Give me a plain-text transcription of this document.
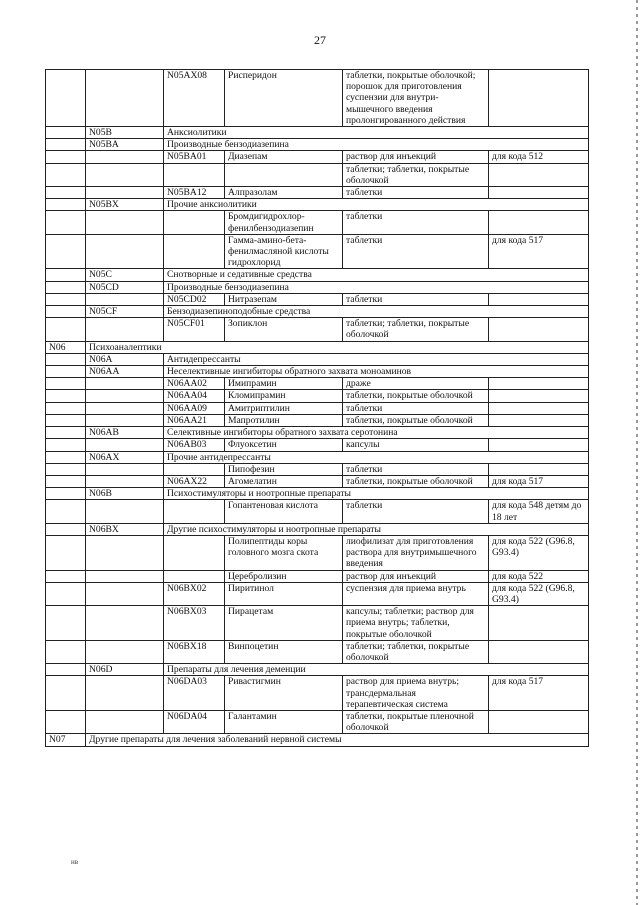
27
		N05AX08	Рисперидон	таблетки, покрытые оболочкой; порошок для приготовления суспензии для внутри- мышечного введения пролонгированного действия	
	N05B	Анксиолитики			
	N05BA	Производные бензодиазепина			
		N05BA01	Диазепам	раствор для инъекций	для кода 512
				таблетки; таблетки, покрытые оболочкой	
		N05BA12	Алпразолам	таблетки	
	N05BX	Прочие анксиолитики			
			Бромдигидрохлор- фенилбензодиазепин	таблетки	
			Гамма-амино-бета- фенилмасляной кислоты гидрохлорид	таблетки	для кода 517
	N05C	Снотворные и седативные средства			
	N05CD	Производные бензодиазепина			
		N05CD02	Нитразепам	таблетки	
	N05CF	Бензодиазепиноподобные средства			
		N05CF01	Зопиклон	таблетки; таблетки, покрытые оболочкой	
N06	Психоаналептики				
	N06A	Антидепрессанты			
	N06AA	Неселективные ингибиторы обратного захвата моноаминов			
		N06AA02	Имипрамин	драже	
		N06AA04	Кломипрамин	таблетки, покрытые оболочкой	
		N06AA09	Амитриптилин	таблетки	
		N06AA21	Мапротилин	таблетки, покрытые оболочкой	
	N06AB	Селективные ингибиторы обратного захвата серотонина			
		N06AB03	Флуоксетин	капсулы	
	N06AX	Прочие антидепрессанты			
			Пипофезин	таблетки	
		N06AX22	Агомелатин	таблетки, покрытые оболочкой	для кода 517
	N06B	Психостимуляторы и ноотропные препараты			
			Гопантеновая кислота	таблетки	для кода 548 детям до 18 лет
	N06BX	Другие психостимуляторы и ноотропные препараты			
			Полипептиды коры головного мозга скота	лиофилизат для приготовления раствора для внутримышечного введения	для кода 522 (G96.8, G93.4)
			Церебролизин	раствор для инъекций	для кода 522
		N06BX02	Пиритинол	суспензия для приема внутрь	для кода 522 (G96.8, G93.4)
		N06BX03	Пирацетам	капсулы; таблетки; раствор для приема внутрь; таблетки, покрытые оболочкой	
		N06BX18	Винпоцетин	таблетки; таблетки, покрытые оболочкой	
	N06D	Препараты для лечения деменции			
		N06DA03	Ривастигмин	раствор для приема внутрь; трансдермальная терапевтическая система	для кода 517
		N06DA04	Галантамин	таблетки, покрытые пленочной оболочкой	
N07	Другие препараты для лечения заболеваний нервной системы				
нв
